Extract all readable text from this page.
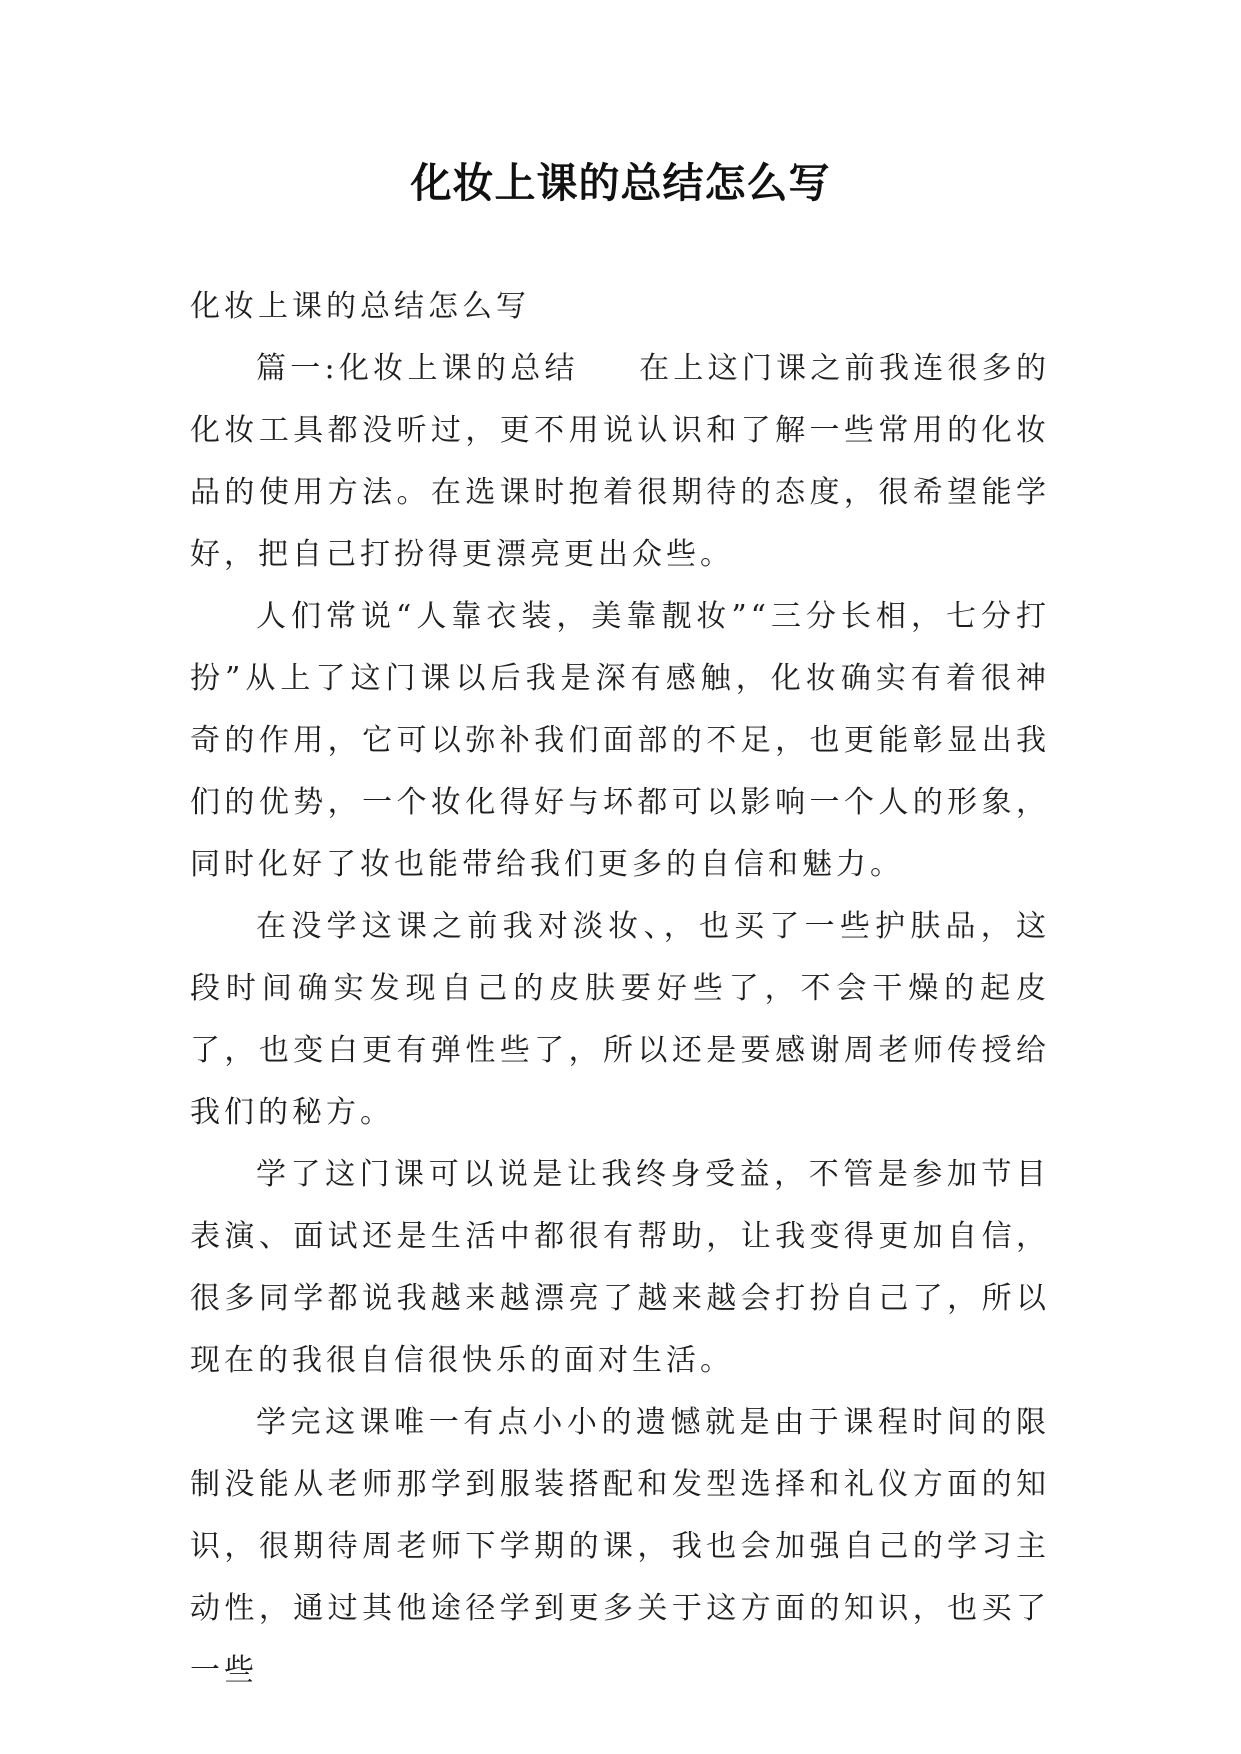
化妆上课的总结怎么写

化妆上课的总结怎么写

篇一:化妆上课的总结 在上这门课之前我连很多的化妆工具都没听过，更不用说认识和了解一些常用的化妆品的使用方法。在选课时抱着很期待的态度，很希望能学好，把自己打扮得更漂亮更出众些。

人们常说“人靠衣装，美靠靓妆”“三分长相，七分打扮”从上了这门课以后我是深有感触，化妆确实有着很神奇的作用，它可以弥补我们面部的不足，也更能彰显出我们的优势，一个妆化得好与坏都可以影响一个人的形象，同时化好了妆也能带给我们更多的自信和魅力。

在没学这课之前我对淡妆、，也买了一些护肤品，这段时间确实发现自己的皮肤要好些了，不会干燥的起皮了，也变白更有弹性些了，所以还是要感谢周老师传授给我们的秘方。

学了这门课可以说是让我终身受益，不管是参加节目表演、面试还是生活中都很有帮助，让我变得更加自信，很多同学都说我越来越漂亮了越来越会打扮自己了，所以现在的我很自信很快乐的面对生活。

学完这课唯一有点小小的遗憾就是由于课程时间的限制没能从老师那学到服装搭配和发型选择和礼仪方面的知识，很期待周老师下学期的课，我也会加强自己的学习主动性，通过其他途径学到更多关于这方面的知识，也买了一些
